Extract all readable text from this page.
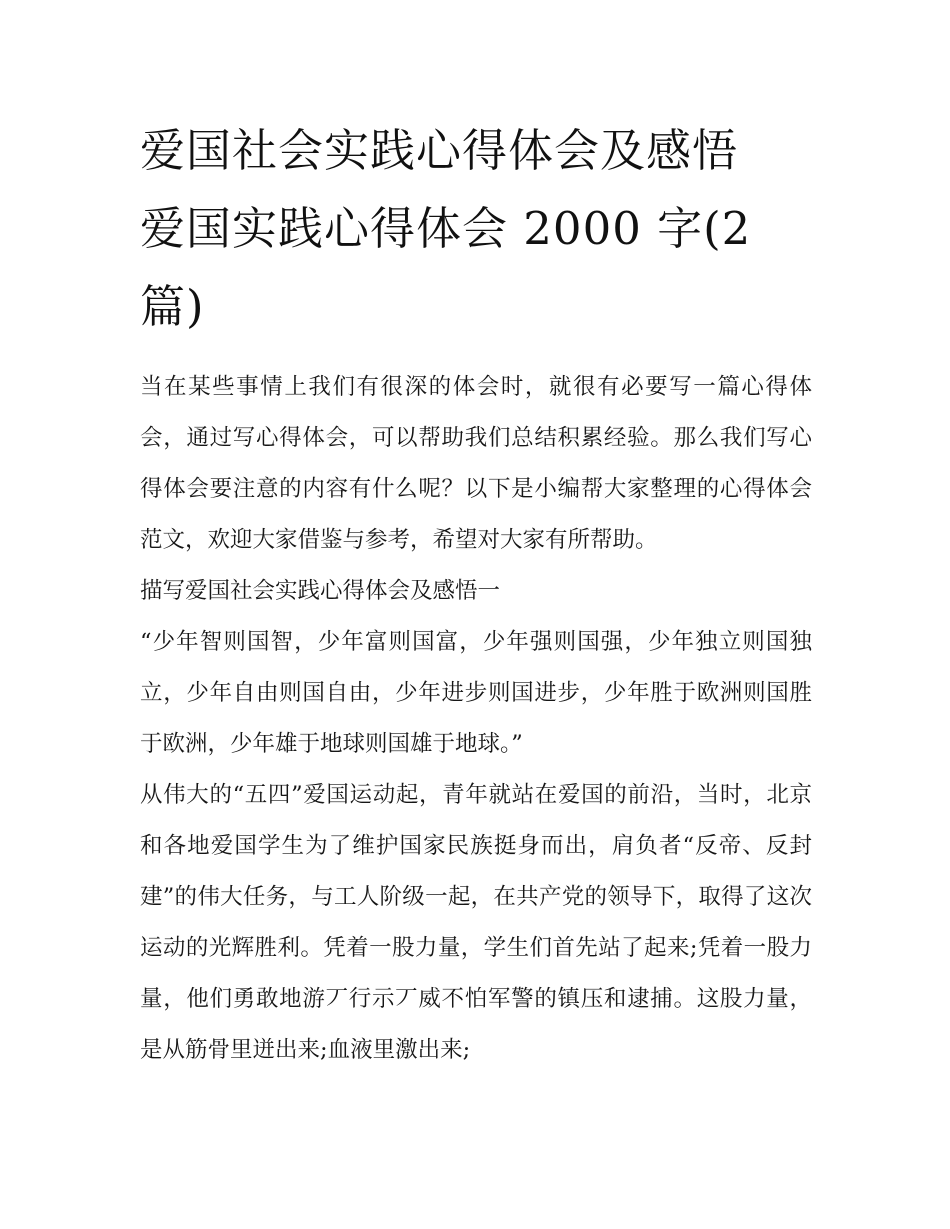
爱国社会实践心得体会及感悟
爱国实践心得体会 2000 字(2 篇)

当在某些事情上我们有很深的体会时，就很有必要写一篇心得体会，通过写心得体会，可以帮助我们总结积累经验。那么我们写心得体会要注意的内容有什么呢？以下是小编帮大家整理的心得体会范文，欢迎大家借鉴与参考，希望对大家有所帮助。

描写爱国社会实践心得体会及感悟一

“少年智则国智，少年富则国富，少年强则国强，少年独立则国独立，少年自由则国自由，少年进步则国进步，少年胜于欧洲则国胜于欧洲，少年雄于地球则国雄于地球。”

从伟大的“五四”爱国运动起，青年就站在爱国的前沿，当时，北京和各地爱国学生为了维护国家民族挺身而出，肩负者“反帝、反封建”的伟大任务，与工人阶级一起，在共产党的领导下，取得了这次运动的光辉胜利。凭着一股力量，学生们首先站了起来;凭着一股力量，他们勇敢地游丆行示丆威不怕军警的镇压和逮捕。这股力量，是从筋骨里迸出来;血液里激出来;
